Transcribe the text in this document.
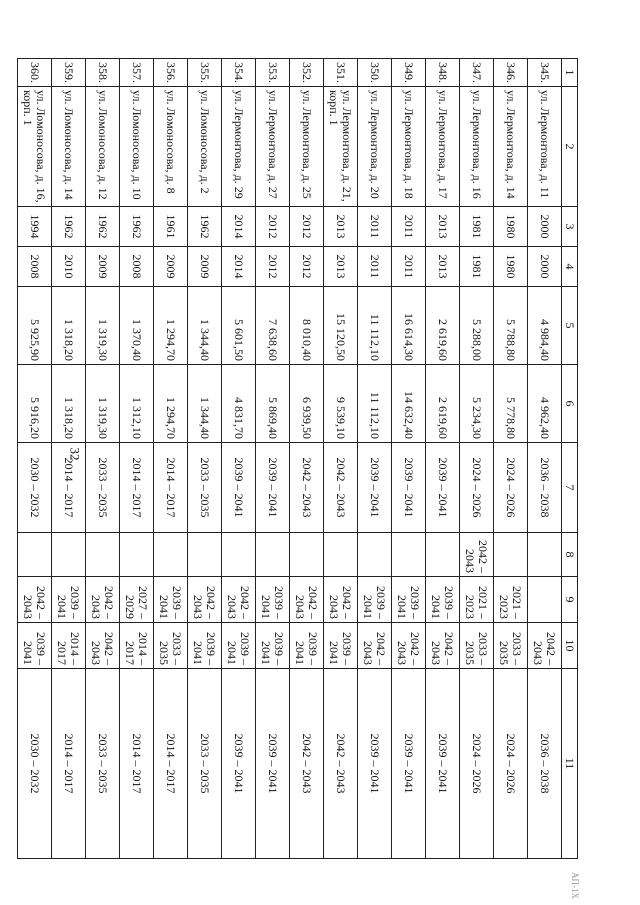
32
АП-1Х
1	2	3	4	5	6	7	8	9	10	11
345.	ул. Лермонтова, д. 11	2000	2000	4 984,40	4 962,40	2036 – 2038			2042 –
2043	2036 – 2038
346.	ул. Лермонтова, д. 14	1980	1980	5 788,80	5 778,80	2024 – 2026		2021 –
2023	2033 –
2035	2024 – 2026
347.	ул. Лермонтова, д. 16	1981	1981	5 288,00	5 234,30	2024 – 2026	2042 –
2043	2021 –
2023	2033 –
2035	2024 – 2026
348.	ул. Лермонтова, д. 17	2013	2013	2 619,60	2 619,60	2039 – 2041		2039 –
2041	2042 –
2043	2039 – 2041
349.	ул. Лермонтова, д. 18	2011	2011	16 614,30	14 632,40	2039 – 2041		2039 –
2041	2042 –
2043	2039 – 2041
350.	ул. Лермонтова, д. 20	2011	2011	11 112,10	11 112,10	2039 – 2041		2039 –
2041	2042 –
2043	2039 – 2041
351.	ул. Лермонтова, д. 21, корп. 1	2013	2013	15 120,50	9 539,10	2042 – 2043		2042 –
2043	2039 –
2041	2042 – 2043
352.	ул. Лермонтова, д. 25	2012	2012	8 010,40	6 939,50	2042 – 2043		2042 –
2043	2039 –
2041	2042 – 2043
353.	ул. Лермонтова, д. 27	2012	2012	7 638,60	5 869,40	2039 – 2041		2039 –
2041	2039 –
2041	2039 – 2041
354.	ул. Лермонтова, д. 29	2014	2014	5 601,50	4 831,70	2039 – 2041		2042 –
2043	2039 –
2041	2039 – 2041
355.	ул. Ломоносова, д. 2	1962	2009	1 344,40	1 344,40	2033 – 2035		2042 –
2043	2039 –
2041	2033 – 2035
356.	ул. Ломоносова, д. 8	1961	2009	1 294,70	1 294,70	2014 – 2017		2039 –
2041	2033 –
2035	2014 – 2017
357.	ул. Ломоносова, д. 10	1962	2008	1 370,40	1 312,10	2014 – 2017		2027 –
2029	2014 –
2017	2014 – 2017
358.	ул. Ломоносова, д. 12	1962	2009	1 319,30	1 319,30	2033 – 2035		2042 –
2043	2042 –
2043	2033 – 2035
359.	ул. Ломоносова, д. 14	1962	2010	1 318,20	1 318,20	2014 – 2017		2039 –
2041	2014 –
2017	2014 – 2017
360.	ул. Ломоносова, д. 16, корп. 1	1994	2008	5 925,90	5 916,20	2030 – 2032		2042 –
2043	2039 –
2041	2030 – 2032
